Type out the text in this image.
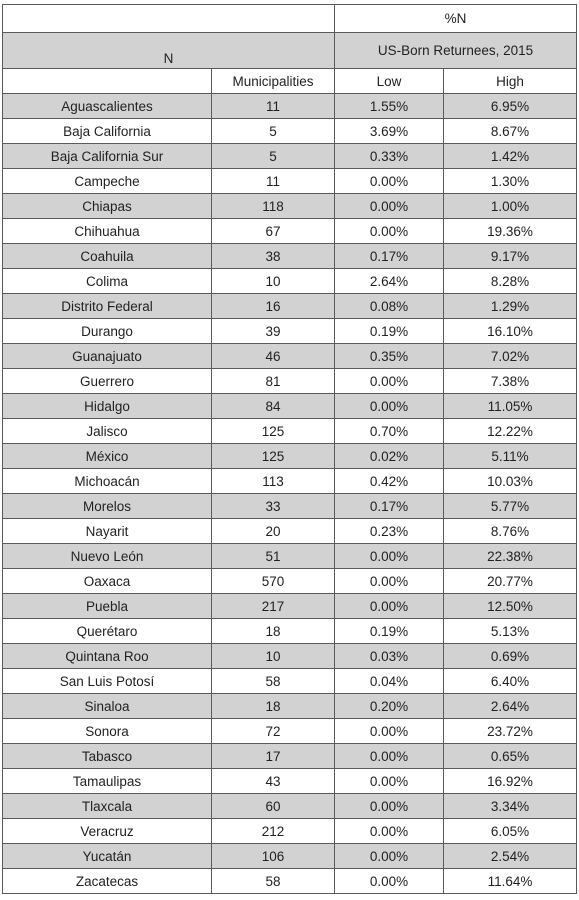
		%N	
N		US-Born Returnees, 2015	
	Municipalities	Low	High
Aguascalientes	11	1.55%	6.95%
Baja California	5	3.69%	8.67%
Baja California Sur	5	0.33%	1.42%
Campeche	11	0.00%	1.30%
Chiapas	118	0.00%	1.00%
Chihuahua	67	0.00%	19.36%
Coahuila	38	0.17%	9.17%
Colima	10	2.64%	8.28%
Distrito Federal	16	0.08%	1.29%
Durango	39	0.19%	16.10%
Guanajuato	46	0.35%	7.02%
Guerrero	81	0.00%	7.38%
Hidalgo	84	0.00%	11.05%
Jalisco	125	0.70%	12.22%
México	125	0.02%	5.11%
Michoacán	113	0.42%	10.03%
Morelos	33	0.17%	5.77%
Nayarit	20	0.23%	8.76%
Nuevo León	51	0.00%	22.38%
Oaxaca	570	0.00%	20.77%
Puebla	217	0.00%	12.50%
Querétaro	18	0.19%	5.13%
Quintana Roo	10	0.03%	0.69%
San Luis Potosí	58	0.04%	6.40%
Sinaloa	18	0.20%	2.64%
Sonora	72	0.00%	23.72%
Tabasco	17	0.00%	0.65%
Tamaulipas	43	0.00%	16.92%
Tlaxcala	60	0.00%	3.34%
Veracruz	212	0.00%	6.05%
Yucatán	106	0.00%	2.54%
Zacatecas	58	0.00%	11.64%
